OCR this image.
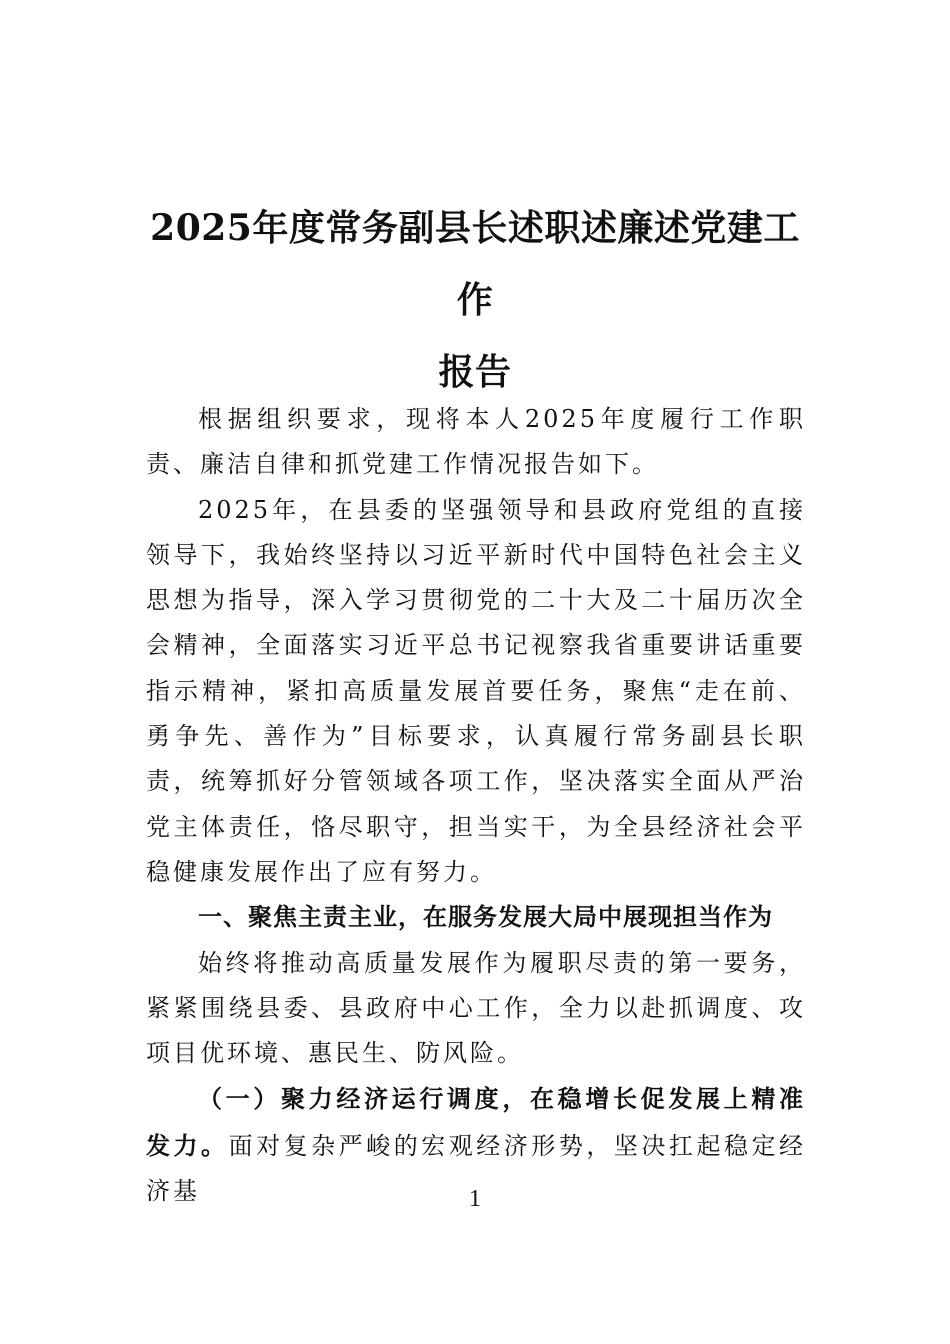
2025年度常务副县长述职述廉述党建工作
报告

根据组织要求，现将本人2025年度履行工作职责、廉洁自律和抓党建工作情况报告如下。

2025年，在县委的坚强领导和县政府党组的直接领导下，我始终坚持以习近平新时代中国特色社会主义思想为指导，深入学习贯彻党的二十大及二十届历次全会精神，全面落实习近平总书记视察我省重要讲话重要指示精神，紧扣高质量发展首要任务，聚焦“走在前、勇争先、善作为”目标要求，认真履行常务副县长职责，统筹抓好分管领域各项工作，坚决落实全面从严治党主体责任，恪尽职守，担当实干，为全县经济社会平稳健康发展作出了应有努力。

一、聚焦主责主业，在服务发展大局中展现担当作为

始终将推动高质量发展作为履职尽责的第一要务，紧紧围绕县委、县政府中心工作，全力以赴抓调度、攻项目优环境、惠民生、防风险。

（一）聚力经济运行调度，在稳增长促发展上精准发力。面对复杂严峻的宏观经济形势，坚决扛起稳定经济基	1
